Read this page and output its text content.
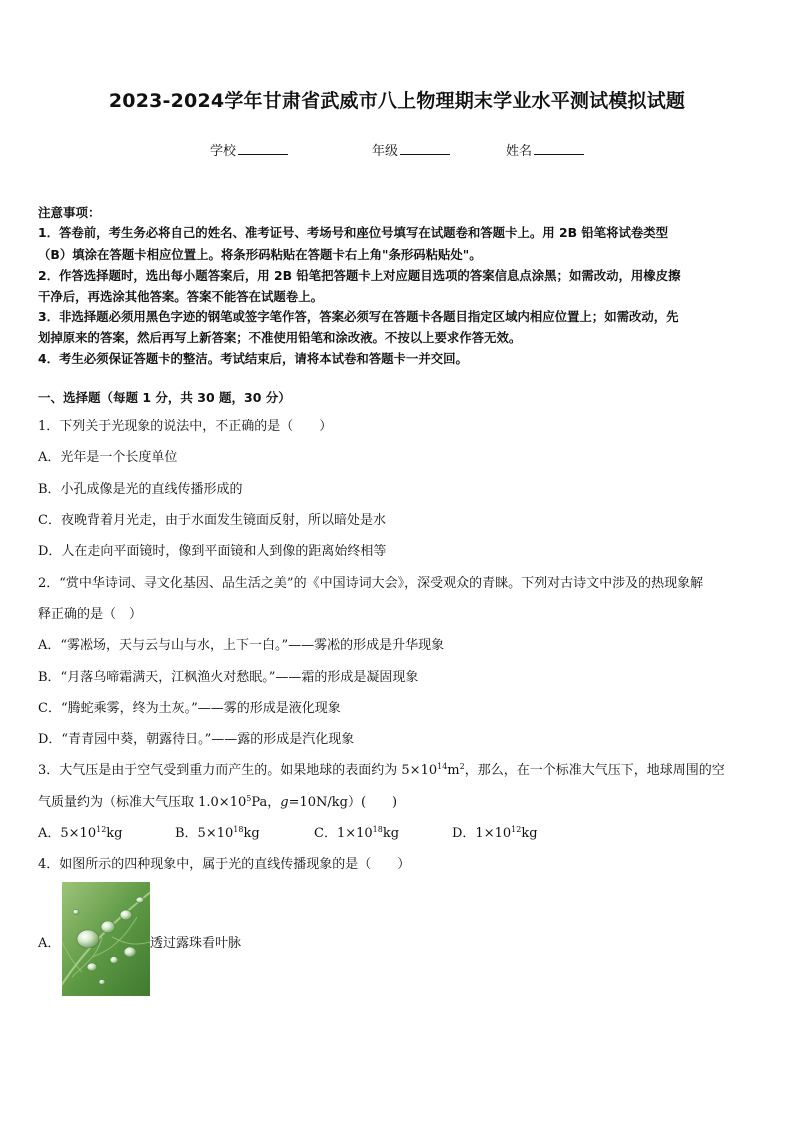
2023-2024学年甘肃省武威市八上物理期末学业水平测试模拟试题
学校	年级	姓名
注意事项：
1．答卷前，考生务必将自己的姓名、准考证号、考场号和座位号填写在试题卷和答题卡上。用 2B 铅笔将试卷类型
（B）填涂在答题卡相应位置上。将条形码粘贴在答题卡右上角"条形码粘贴处"。
2．作答选择题时，选出每小题答案后，用 2B 铅笔把答题卡上对应题目选项的答案信息点涂黑；如需改动，用橡皮擦
干净后，再选涂其他答案。答案不能答在试题卷上。
3．非选择题必须用黑色字迹的钢笔或签字笔作答，答案必须写在答题卡各题目指定区域内相应位置上；如需改动，先
划掉原来的答案，然后再写上新答案；不准使用铅笔和涂改液。不按以上要求作答无效。
4．考生必须保证答题卡的整洁。考试结束后，请将本试卷和答题卡一并交回。
一、选择题（每题 1 分，共 30 题，30 分）
1．下列关于光现象的说法中，不正确的是（　　）
A．光年是一个长度单位
B．小孔成像是光的直线传播形成的
C．夜晚背着月光走，由于水面发生镜面反射，所以暗处是水
D．人在走向平面镜时，像到平面镜和人到像的距离始终相等
2．“赏中华诗词、寻文化基因、品生活之美”的《中国诗词大会》，深受观众的青睐。下列对古诗文中涉及的热现象解
释正确的是（　）
A．“雾凇场，天与云与山与水，上下一白。”——雾凇的形成是升华现象
B．“月落乌啼霜满天，江枫渔火对愁眠。”——霜的形成是凝固现象
C．“腾蛇乘雾，终为土灰。”——雾的形成是液化现象
D．“青青园中葵，朝露待日。”——露的形成是汽化现象
3．大气压是由于空气受到重力而产生的。如果地球的表面约为 $5\times 10^{14}m^2$，那么，在一个标准大气压下，地球周围的空
气质量约为（标准大气压取 $1.0\times 10^5Pa$，g=10N/kg）(　　)
A．$5\times 10^{12}kg$	B．$5\times 10^{18}kg$	C．$1\times 10^{18}kg$	D．$1\times 10^{12}kg$
4．如图所示的四种现象中，属于光的直线传播现象的是（　　）
A．	透过露珠看叶脉
